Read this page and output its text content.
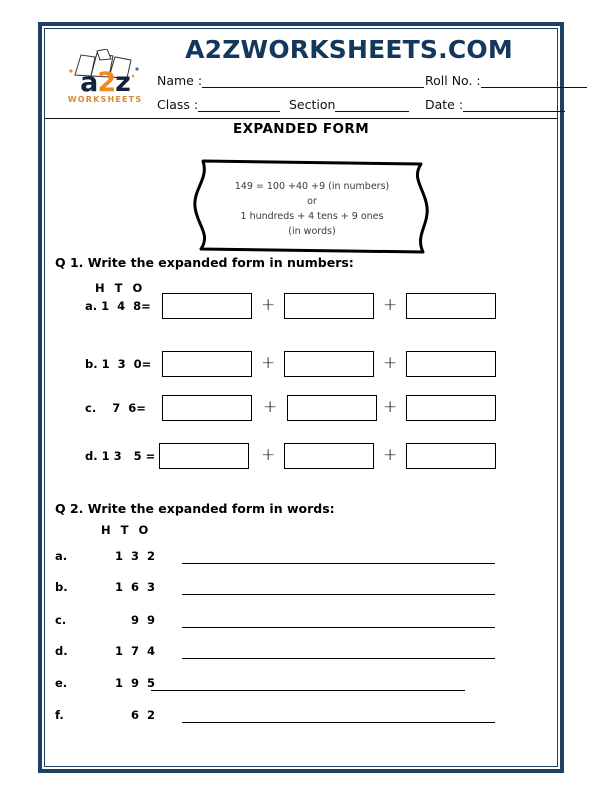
A2ZWORKSHEETS.COM
a2z
WORKSHEETS
Name :	Roll No. :
Class :	Section	Date :
EXPANDED FORM
149 = 100 +40 +9 (in numbers)
or
1 hundreds + 4 tens + 9 ones
(in words)
Q 1. Write the expanded form in numbers:
H T O
a. 1  4  8=	+	+
b. 1  3  0=	+	+
c.    7  6=	+	+
d. 1 3   5 =	+	+
Q 2. Write the expanded form in words:
H T O
a.	1 3 2
b.	1 6 3
c.	9 9
d.	1 7 4
e.	1 9 5
f.	6 2
